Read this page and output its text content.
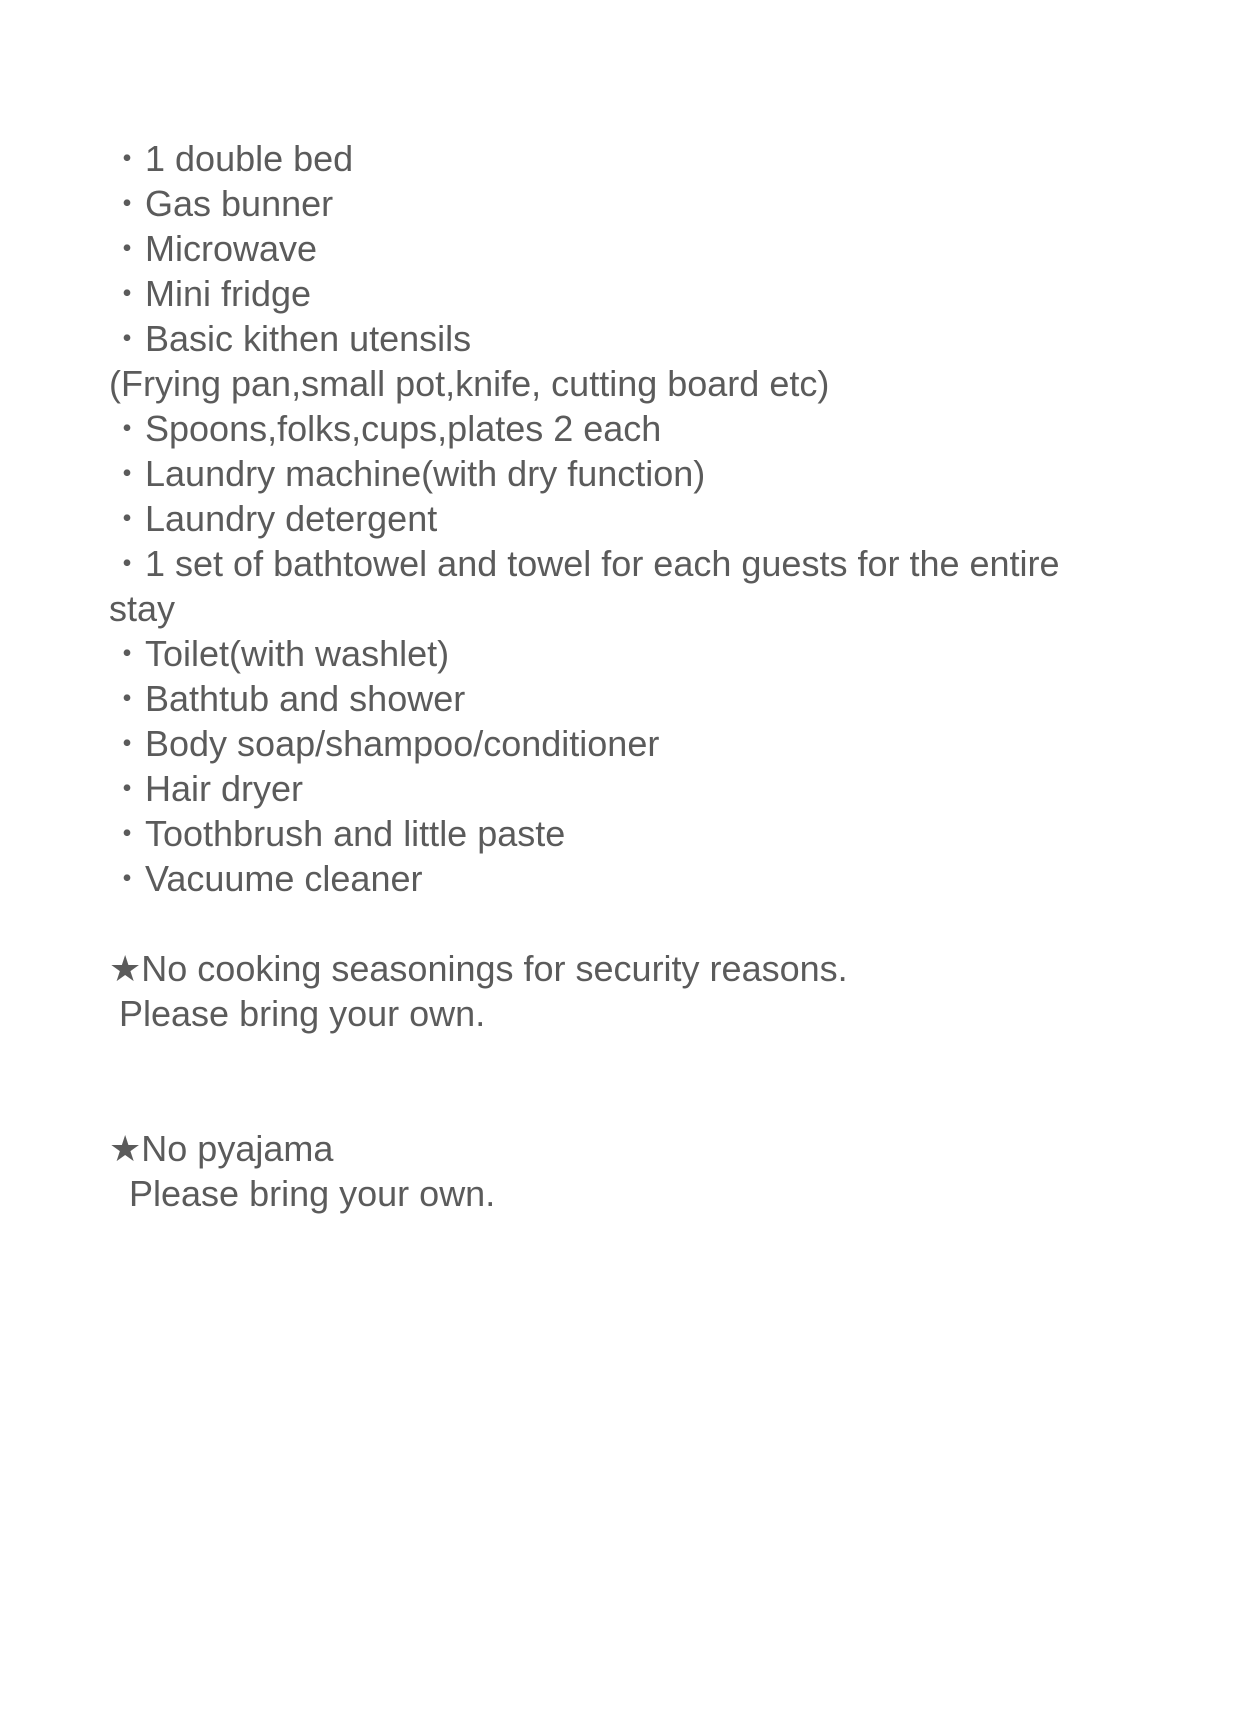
・1 double bed
・Gas bunner
・Microwave
・Mini fridge
・Basic kithen utensils
(Frying pan,small pot,knife, cutting board etc)
・Spoons,folks,cups,plates 2 each
・Laundry machine(with dry function)
・Laundry detergent
・1 set of bathtowel and towel for each guests for the entire stay
・Toilet(with washlet)
・Bathtub and shower
・Body soap/shampoo/conditioner
・Hair dryer
・Toothbrush and little paste
・Vacuume cleaner
★No cooking seasonings for security reasons.
Please bring your own.
★No pyajama
Please bring your own.
